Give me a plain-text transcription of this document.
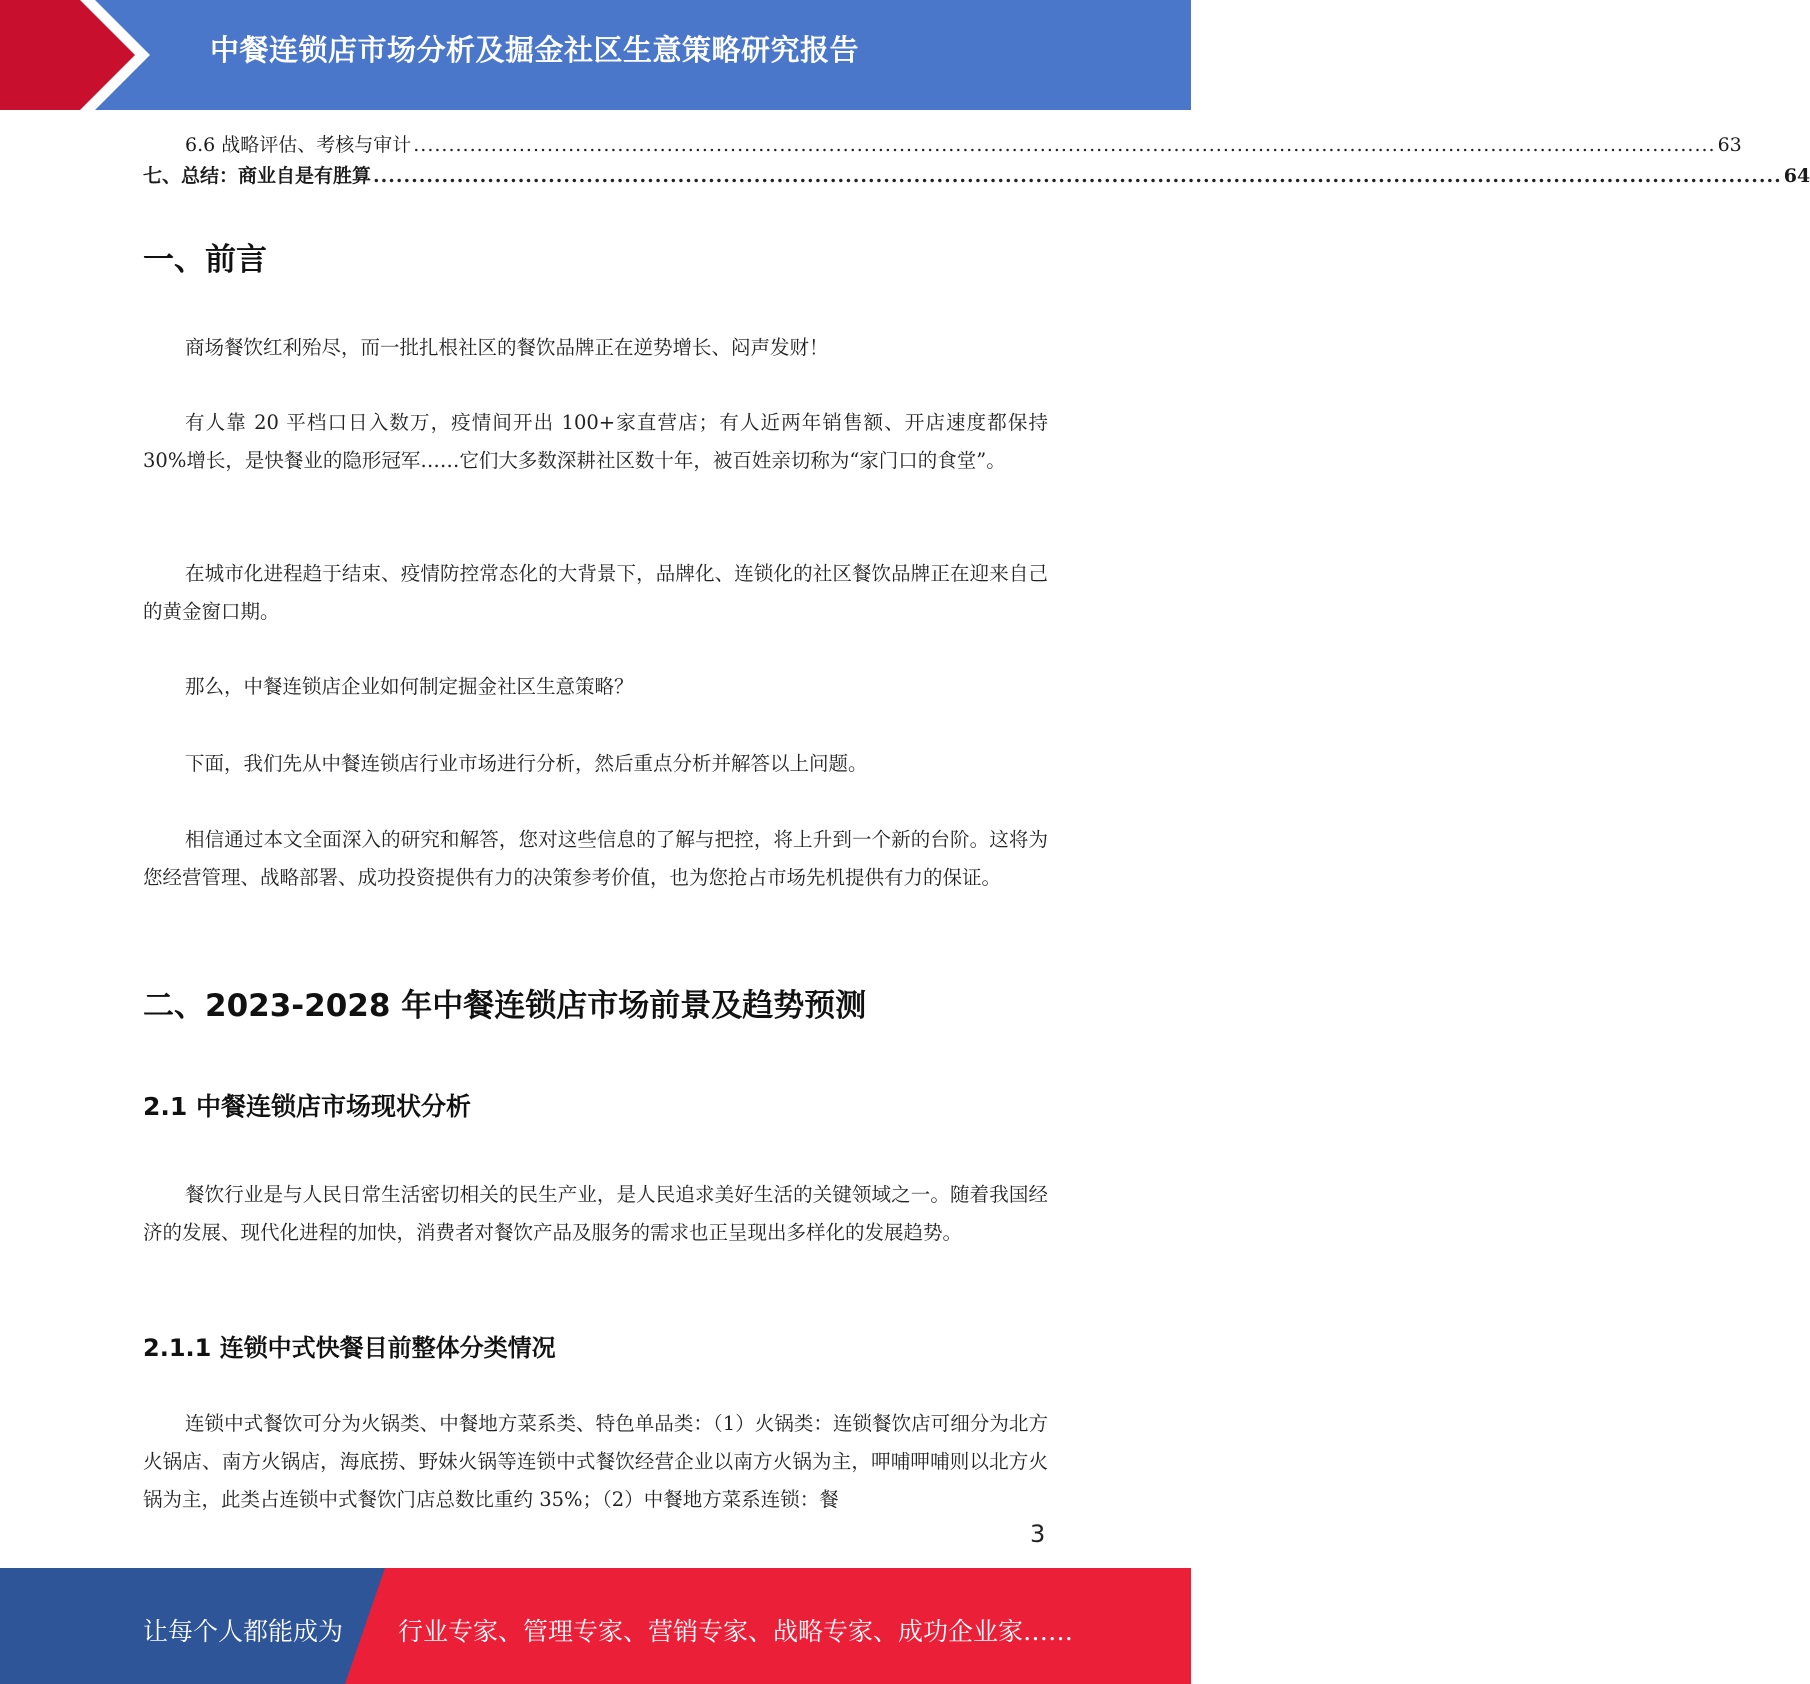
中餐连锁店市场分析及掘金社区生意策略研究报告
6.6 战略评估、考核与审计 ......................................................................................................................................................................................... 63
七、总结：商业自是有胜算 ......................................................................................................................................................................................... 64
一、前言
商场餐饮红利殆尽，而一批扎根社区的餐饮品牌正在逆势增长、闷声发财！
有人靠 20 平档口日入数万，疫情间开出 100+家直营店；有人近两年销售额、开店速度都保持 30%增长，是快餐业的隐形冠军……它们大多数深耕社区数十年，被百姓亲切称为“家门口的食堂”。
在城市化进程趋于结束、疫情防控常态化的大背景下，品牌化、连锁化的社区餐饮品牌正在迎来自己的黄金窗口期。
那么，中餐连锁店企业如何制定掘金社区生意策略？
下面，我们先从中餐连锁店行业市场进行分析，然后重点分析并解答以上问题。
相信通过本文全面深入的研究和解答，您对这些信息的了解与把控，将上升到一个新的台阶。这将为您经营管理、战略部署、成功投资提供有力的决策参考价值，也为您抢占市场先机提供有力的保证。
二、2023-2028 年中餐连锁店市场前景及趋势预测
2.1 中餐连锁店市场现状分析
餐饮行业是与人民日常生活密切相关的民生产业，是人民追求美好生活的关键领域之一。随着我国经济的发展、现代化进程的加快，消费者对餐饮产品及服务的需求也正呈现出多样化的发展趋势。
2.1.1 连锁中式快餐目前整体分类情况
连锁中式餐饮可分为火锅类、中餐地方菜系类、特色单品类：（1）火锅类：连锁餐饮店可细分为北方火锅店、南方火锅店，海底捞、野妹火锅等连锁中式餐饮经营企业以南方火锅为主，呷哺呷哺则以北方火锅为主，此类占连锁中式餐饮门店总数比重约 35%；（2）中餐地方菜系连锁：餐
3
让每个人都能成为 行业专家、管理专家、营销专家、战略专家、成功企业家……
